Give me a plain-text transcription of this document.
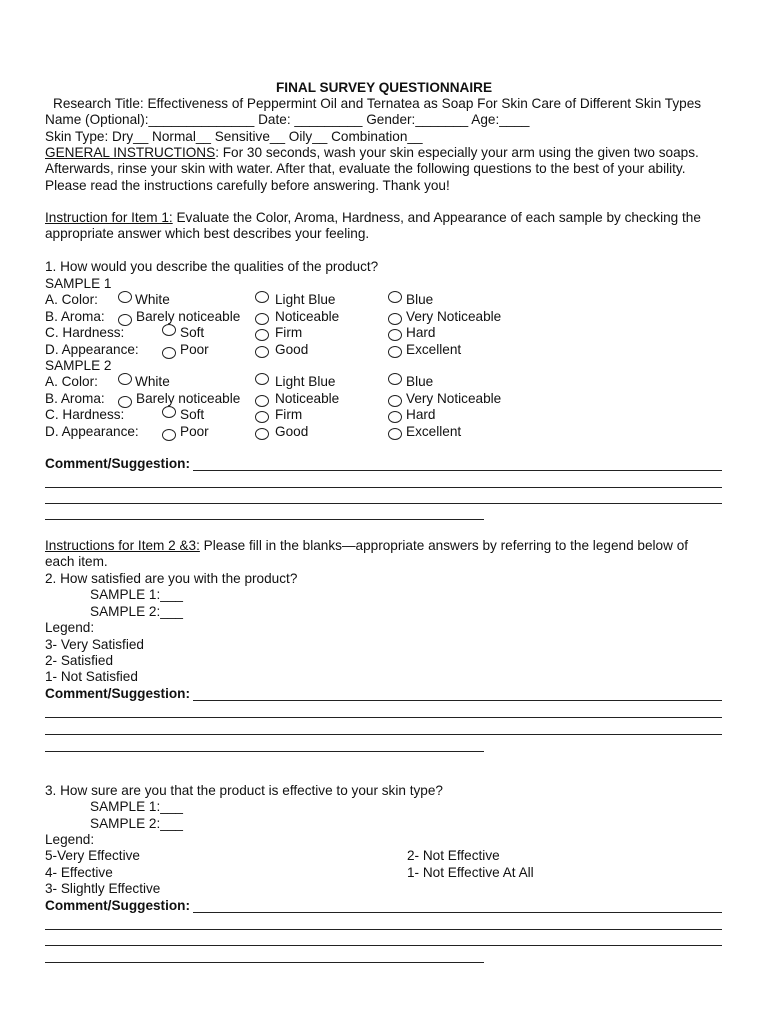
FINAL SURVEY QUESTIONNAIRE
Research Title: Effectiveness of Peppermint Oil and Ternatea as Soap For Skin Care of Different Skin Types
Name (Optional):______________ Date: _________ Gender:_______ Age:____
Skin Type: Dry__ Normal__ Sensitive__ Oily__ Combination__
GENERAL INSTRUCTIONS: For 30 seconds, wash your skin especially your arm using the given two soaps.
Afterwards, rinse your skin with water. After that, evaluate the following questions to the best of your ability.
Please read the instructions carefully before answering. Thank you!
Instruction for Item 1: Evaluate the Color, Aroma, Hardness, and Appearance of each sample by checking the
appropriate answer which best describes your feeling.
1. How would you describe the qualities of the product?
SAMPLE 1
A. Color:	White	Light Blue	Blue
B. Aroma: Barely noticeable	Noticeable	Very Noticeable
C. Hardness:	Soft	Firm	Hard
D. Appearance:	Poor	Good	Excellent
SAMPLE 2
A. Color:	White	Light Blue	Blue
B. Aroma: Barely noticeable	Noticeable	Very Noticeable
C. Hardness:	Soft	Firm	Hard
D. Appearance:	Poor	Good	Excellent
Comment/Suggestion:
Instructions for Item 2 &3: Please fill in the blanks—appropriate answers by referring to the legend below of
each item.
2. How satisfied are you with the product?
SAMPLE 1:___
SAMPLE 2:___
Legend:
3- Very Satisfied
2- Satisfied
1- Not Satisfied
Comment/Suggestion:
3. How sure are you that the product is effective to your skin type?
SAMPLE 1:___
SAMPLE 2:___
Legend:
5-Very Effective
4- Effective
3- Slightly Effective
2- Not Effective
1- Not Effective At All
Comment/Suggestion:
